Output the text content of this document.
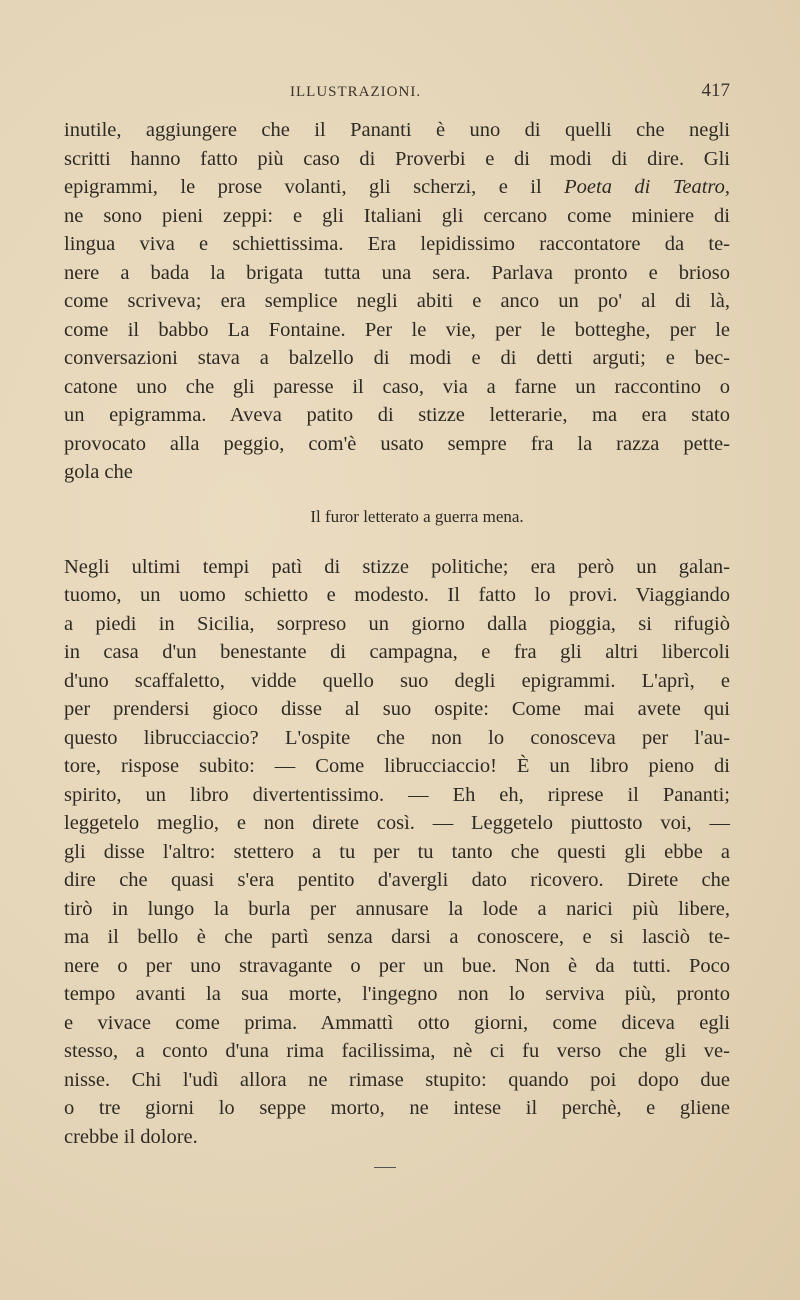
ILLUSTRAZIONI.	417
inutile, aggiungere che il Pananti è uno di quelli che negli
scritti hanno fatto più caso di Proverbi e di modi di dire. Gli
epigrammi, le prose volanti, gli scherzi, e il Poeta di Teatro,
ne sono pieni zeppi: e gli Italiani gli cercano come miniere di
lingua viva e schiettissima. Era lepidissimo raccontatore da te-
nere a bada la brigata tutta una sera. Parlava pronto e brioso
come scriveva; era semplice negli abiti e anco un po' al di là,
come il babbo La Fontaine. Per le vie, per le botteghe, per le
conversazioni stava a balzello di modi e di detti arguti; e bec-
catone uno che gli paresse il caso, via a farne un raccontino o
un epigramma. Aveva patito di stizze letterarie, ma era stato
provocato alla peggio, com'è usato sempre fra la razza pette-
gola che
Il furor letterato a guerra mena.
Negli ultimi tempi patì di stizze politiche; era però un galan-
tuomo, un uomo schietto e modesto. Il fatto lo provi. Viaggiando
a piedi in Sicilia, sorpreso un giorno dalla pioggia, si rifugiò
in casa d'un benestante di campagna, e fra gli altri libercoli
d'uno scaffaletto, vidde quello suo degli epigrammi. L'aprì, e
per prendersi gioco disse al suo ospite: Come mai avete qui
questo librucciaccio? L'ospite che non lo conosceva per l'au-
tore, rispose subito: — Come librucciaccio! È un libro pieno di
spirito, un libro divertentissimo. — Eh eh, riprese il Pananti;
leggetelo meglio, e non direte così. — Leggetelo piuttosto voi, —
gli disse l'altro: stettero a tu per tu tanto che questi gli ebbe a
dire che quasi s'era pentito d'avergli dato ricovero. Direte che
tirò in lungo la burla per annusare la lode a narici più libere,
ma il bello è che partì senza darsi a conoscere, e si lasciò te-
nere o per uno stravagante o per un bue. Non è da tutti. Poco
tempo avanti la sua morte, l'ingegno non lo serviva più, pronto
e vivace come prima. Ammattì otto giorni, come diceva egli
stesso, a conto d'una rima facilissima, nè ci fu verso che gli ve-
nisse. Chi l'udì allora ne rimase stupito: quando poi dopo due
o tre giorni lo seppe morto, ne intese il perchè, e gliene
crebbe il dolore.
